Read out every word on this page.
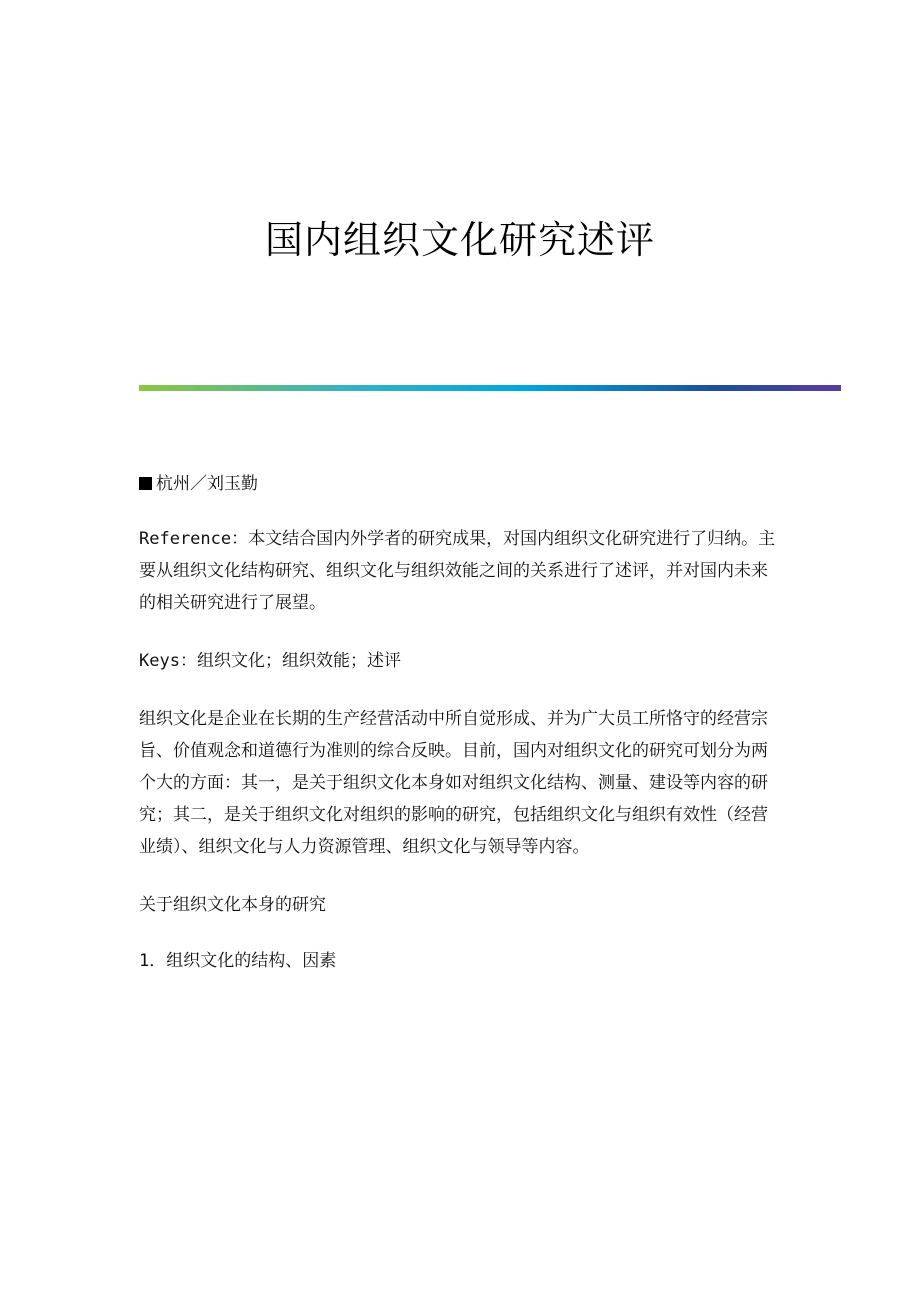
国内组织文化研究述评

杭州／刘玉勤

Reference：本文结合国内外学者的研究成果，对国内组织文化研究进行了归纳。主要从组织文化结构研究、组织文化与组织效能之间的关系进行了述评，并对国内未来的相关研究进行了展望。

Keys：组织文化；组织效能；述评

组织文化是企业在长期的生产经营活动中所自觉形成、并为广大员工所恪守的经营宗旨、价值观念和道德行为准则的综合反映。目前，国内对组织文化的研究可划分为两个大的方面：其一，是关于组织文化本身如对组织文化结构、测量、建设等内容的研究；其二，是关于组织文化对组织的影响的研究，包括组织文化与组织有效性（经营业绩）、组织文化与人力资源管理、组织文化与领导等内容。

关于组织文化本身的研究

1．组织文化的结构、因素
